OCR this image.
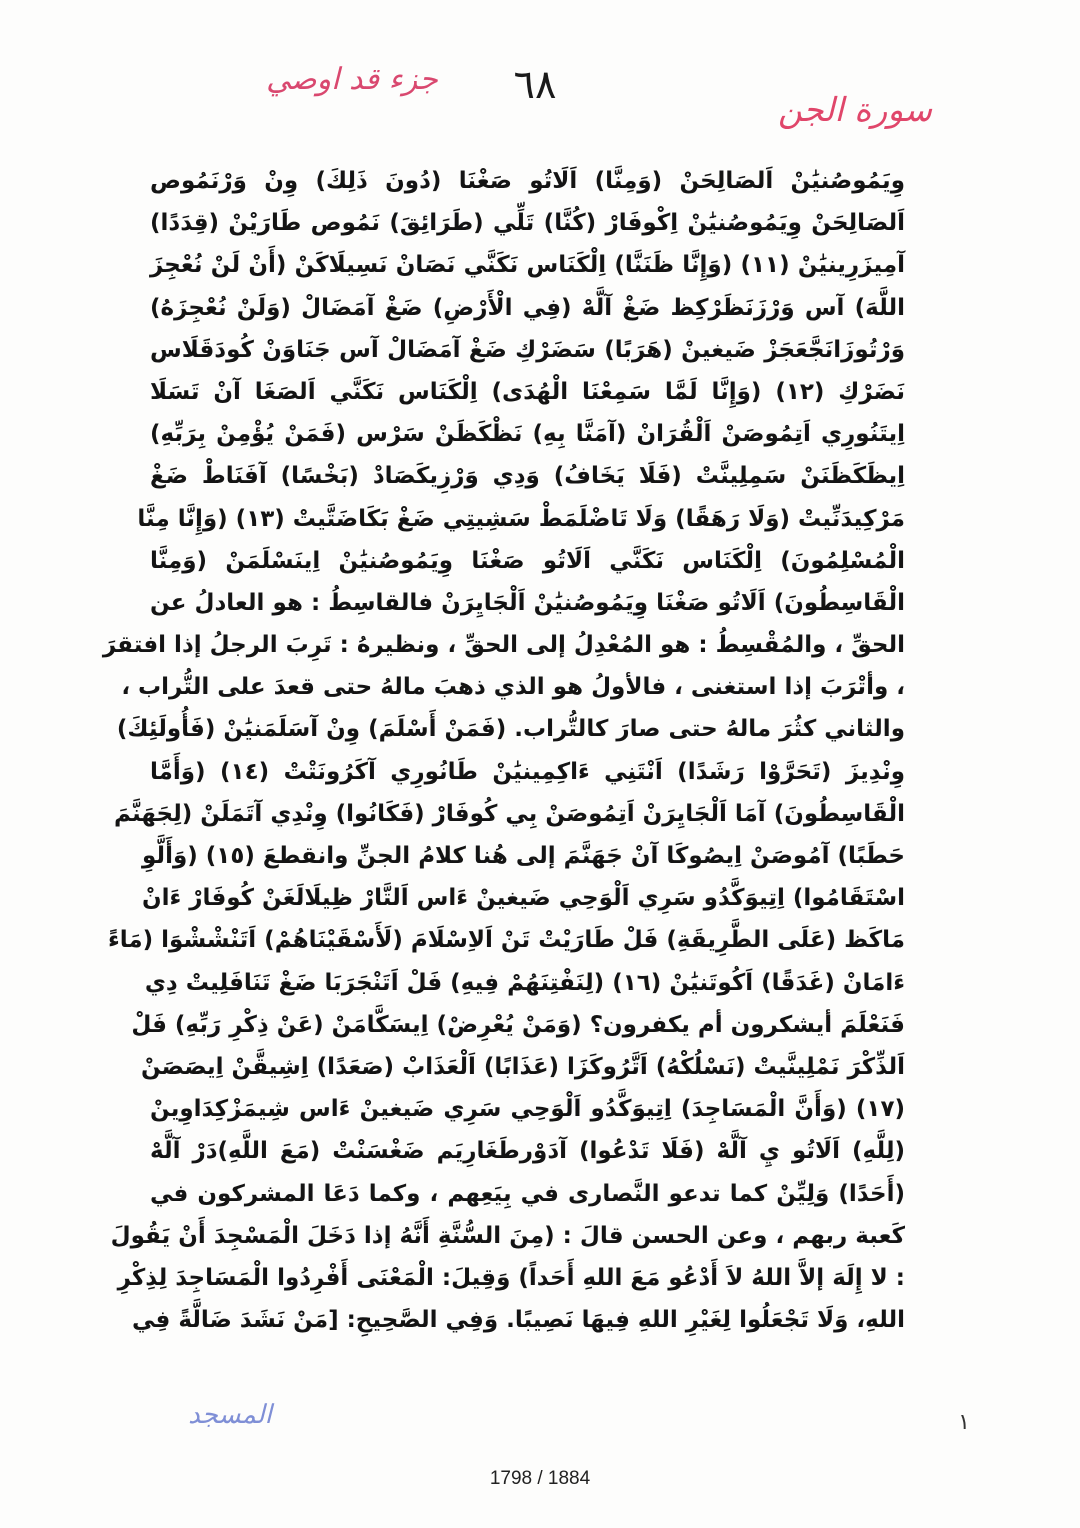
٦٨
جزء قد اوصي
سورة الجن
وِيَمُوصُنيَٰنْ اَلصَالِحَنْ (وَمِنَّا) اَلَاتُو صَغْنَا (دُونَ ذَلِكَ) وِنْ وَرْنَمُوص
اَلصَالِحَنْ وِيَمُوصُنيَٰنْ اِكْوفَارْ (كُنَّا) تَلِّي (طَرَائِقَ) نَمُوص طَارَيْنْ (قِدَدًا)
آمِيزَرِينيَٰنْ (١١) (وَإِنَّا ظَنَنَّا) اِلْكَنَاس نَكَنَّي نَصَانْ نَسِيلَاكَنْ (أَنْ لَنْ نُعْجِزَ
اللَّهَ) آس وَرْزَنَظَرْكِظ ضَغْ آلَّهْ (فِي الْأَرْضِ) ضَغْ آمَضَالْ (وَلَنْ نُعْجِزَهُ)
وَرْتُوزَانَجَّعَجَزْ ضَيغينْ (هَرَبًا) سَضَرْكِ ضَغْ آمَضَالْ آس جَنَاوَنْ كُودَقَلَاس
نَضَرْكِ (١٢) (وَإِنَّا لَمَّا سَمِعْنَا الْهُدَى) اِلْكَنَاس نَكَنَّي اَلصَغَا آنْ تَسَلَا
اِيتَنُورِي اَتِمُوصَنْ اَلْقُرَانْ (آمَنَّا بِهِ) نَظْكَظَنْ سَرْس (فَمَنْ يُؤْمِنْ بِرَبِّهِ)
اِيظَكَظَنَنْ سَمِلِينَّتْ (فَلَا يَخَافُ) وَدِي وَرْزِيكَصَادْ (بَخْسًا) آفَنَاطْ ضَغْ
مَرْكِيدَنِّيتْ (وَلَا رَهَقًا) وَلَا تَاضْلَمَطْ سَشِيتِي ضَغْ بَكَاضَتَّيتْ (١٣) (وَإِنَّا مِنَّا
الْمُسْلِمُونَ) اِلْكَنَاس نَكَنَّي اَلَاتُو صَغْنَا وِيَمُوصُنيَٰنْ اِينَسْلَمَنْ (وَمِنَّا
الْقَاسِطُونَ) اَلَاتُو صَغْنَا وِيَمُوصُنيَٰنْ اَلْجَايِرَنْ فالقاسِطُ : هو العادلُ عن
الحقِّ ، والمُقْسِطُ : هو المُعْدِلُ إلى الحقِّ ، ونظيرهُ : تَرِبَ الرجلُ إذا افتقرَ
، وأتْرَبَ إذا استغنى ، فالأولُ هو الذي ذهبَ مالهُ حتى قعدَ على التُّراب ،
والثاني كثُرَ مالهُ حتى صارَ كالتُّراب. (فَمَنْ أَسْلَمَ) وِنْ آسَلَمَنيَٰنْ (فَأُولَئِكَ)
وِنْدِيزَ (تَحَرَّوْا رَشَدًا) اَنْتَنِي ءَاكِمِينيَٰنْ طَانُورِي آكَرُونَتْتْ (١٤) (وَأَمَّا
الْقَاسِطُونَ) آمَا اَلْجَايِرَنْ اَتِمُوصَنْ بِي كُوفَارْ (فَكَانُوا) وِنْدِي آتَمَلَنْ (لِجَهَنَّمَ
حَطَبًا) آمُوصَنْ اِيصُوكَا آنْ جَهَنَّمَ إلى هُنا كلامُ الجنِّ وانقطعَ (١٥) (وَأَلَّوِ
اسْتَقَامُوا) اِتِيوَكَّدُو سَرِي اَلْوَحِي ضَيغينْ ءَاس اَلتَّارْ ظِيلَالَغَنْ كُوفَارْ ءَانْ
مَاكَظ (عَلَى الطَّرِيقَةِ) فَلْ طَارَيْتْ تَنْ اَلاِسْلَامَ (لَأَسْقَيْنَاهُمْ) اَتَنْشْشْوَا (مَاءً
ءَامَانْ (غَدَقًا) اَكُوتَنيَٰنْ (١٦) (لِنَفْتِنَهُمْ فِيهِ) فَلْ اَتَنْجَرَبَا ضَغْ تَنَافَلِيتْ دِي
فَنَعْلَمَ أيشكرون أم يكفرون؟ (وَمَنْ يُعْرِضْ) اِيسَكَّامَنْ (عَنْ ذِكْرِ رَبِّهِ) فَلْ
اَلذِّكْرَ نَمْلِينَّيتْ (نَسْلُكْهُ) اَتَّرُوكَزَا (عَذَابًا) اَلْعَذَابْ (صَعَدًا) اِشِيقَّنْ اِيصَصَنْ
(١٧) (وَأَنَّ الْمَسَاجِدَ) اِتِيوَكَّدُو اَلْوَحِي سَرِي ضَيغينْ ءَاس شِيمَزْكِدَاوِينْ
(لِلَّهِ) اَلَاتُو يِ آلَّهْ (فَلَا تَدْعُوا) آدَوْرطَغَارِيَم ضَغْسَنْتْ (مَعَ اللَّهِ)دَرْ آلَّهْ
(أَحَدًا) وَلِيِّنْ كما تدعو النَّصارى في بِيَعِهم ، وكما دَعَا المشركون في
كَعبة ربهم ، وعن الحسن قالَ : (مِنَ السُّنَّةِ أَنَّهُ إذا دَخَلَ الْمَسْجِدَ أَنْ يَقُولَ
: لا إِلَهَ إلاَّ اللهُ لاَ أَدْعُو مَعَ اللهِ أَحَداً) وَقِيلَ: الْمَعْنَى أَفْرِدُوا الْمَسَاجِدَ لِذِكْرِ
اللهِ، وَلَا تَجْعَلُوا لِغَيْرِ اللهِ فِيهَا نَصِيبًا. وَفِي الصَّحِيحِ: [مَنْ نَشَدَ ضَالَّةً فِي
المسجد	١
1798 / 1884
